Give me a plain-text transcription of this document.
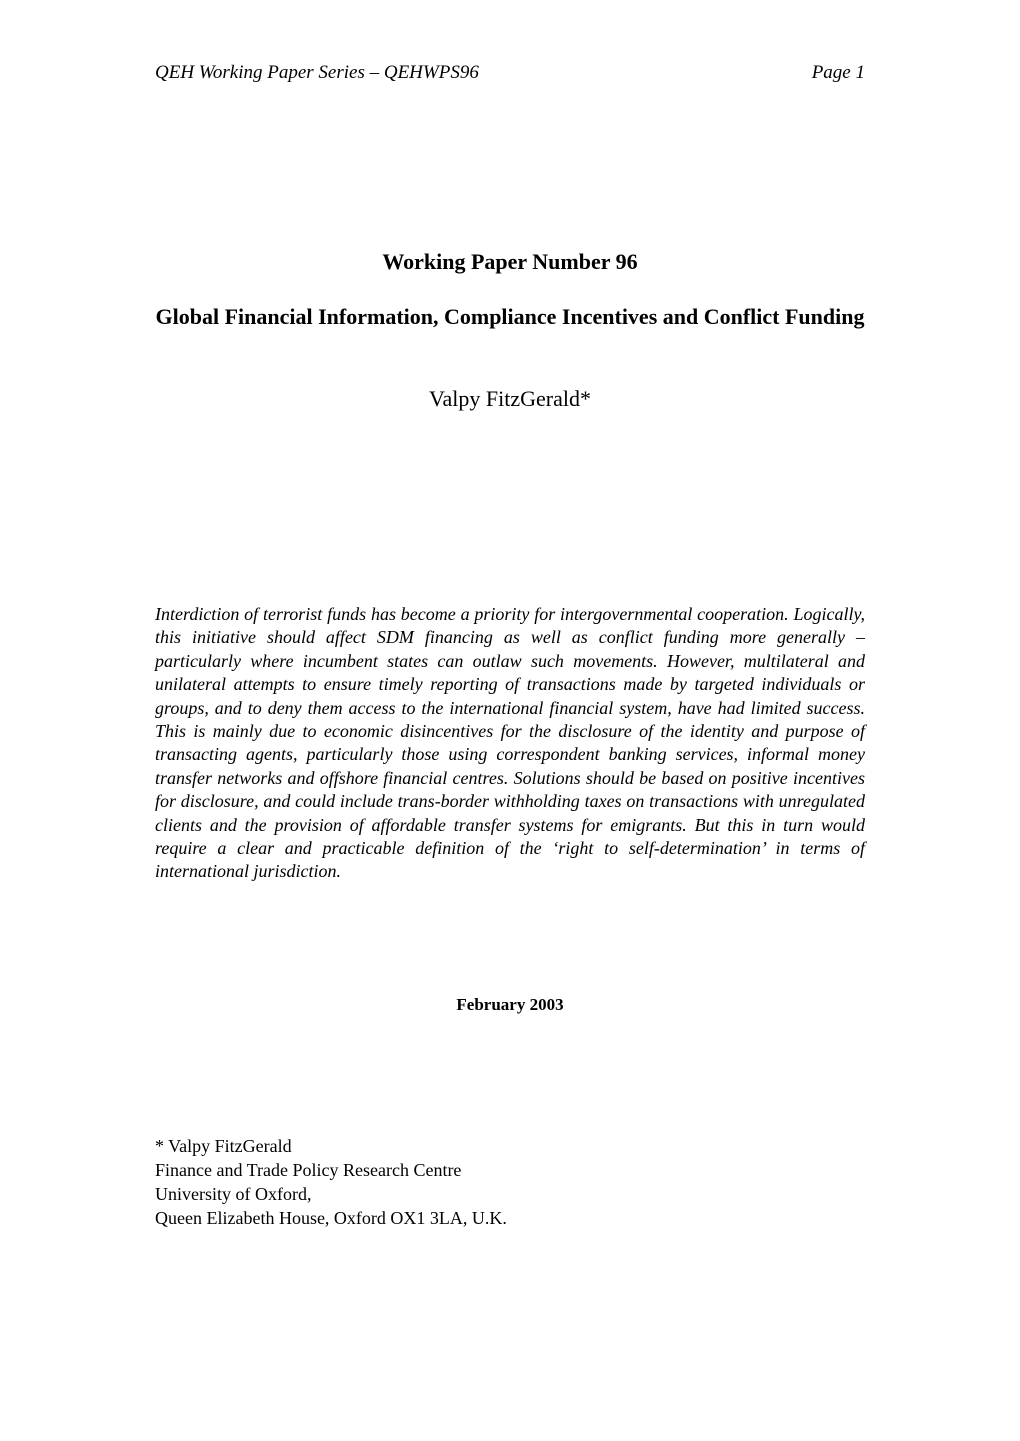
QEH Working Paper Series – QEHWPS96	Page 1
Working Paper Number 96
Global Financial Information, Compliance Incentives and Conflict Funding
Valpy FitzGerald*
Interdiction of terrorist funds has become a priority for intergovernmental cooperation. Logically, this initiative should affect SDM financing as well as conflict funding more generally – particularly where incumbent states can outlaw such movements. However, multilateral and unilateral attempts to ensure timely reporting of transactions made by targeted individuals or groups, and to deny them access to the international financial system, have had limited success. This is mainly due to economic disincentives for the disclosure of the identity and purpose of transacting agents, particularly those using correspondent banking services, informal money transfer networks and offshore financial centres. Solutions should be based on positive incentives for disclosure, and could include trans-border withholding taxes on transactions with unregulated clients and the provision of affordable transfer systems for emigrants. But this in turn would require a clear and practicable definition of the ‘right to self-determination’ in terms of international jurisdiction.
February 2003
* Valpy FitzGerald
Finance and Trade Policy Research Centre
University of Oxford,
Queen Elizabeth House, Oxford OX1 3LA, U.K.
